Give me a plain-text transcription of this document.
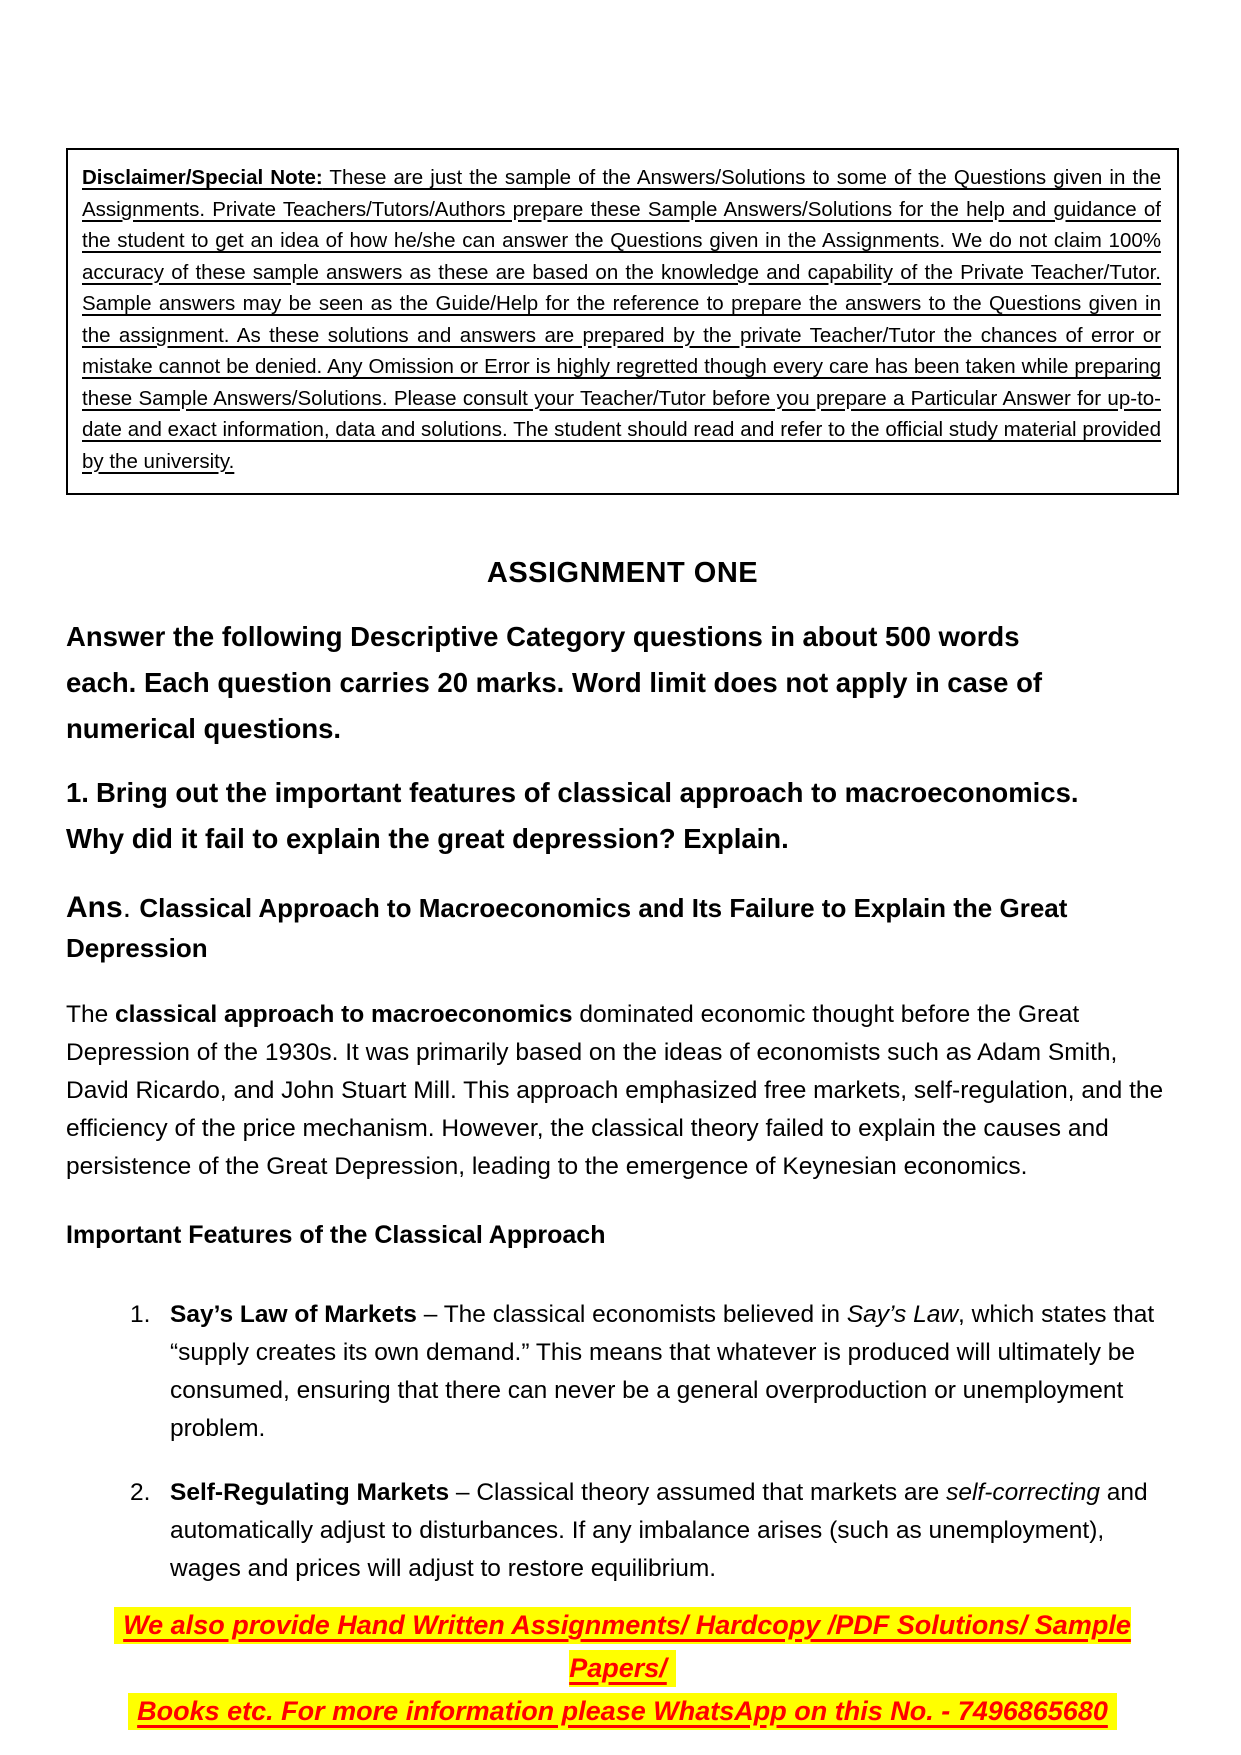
Disclaimer/Special Note: These are just the sample of the Answers/Solutions to some of the Questions given in the Assignments. Private Teachers/Tutors/Authors prepare these Sample Answers/Solutions for the help and guidance of the student to get an idea of how he/she can answer the Questions given in the Assignments. We do not claim 100% accuracy of these sample answers as these are based on the knowledge and capability of the Private Teacher/Tutor. Sample answers may be seen as the Guide/Help for the reference to prepare the answers to the Questions given in the assignment. As these solutions and answers are prepared by the private Teacher/Tutor the chances of error or mistake cannot be denied. Any Omission or Error is highly regretted though every care has been taken while preparing these Sample Answers/Solutions. Please consult your Teacher/Tutor before you prepare a Particular Answer for up-to-date and exact information, data and solutions. The student should read and refer to the official study material provided by the university.
ASSIGNMENT ONE
Answer the following Descriptive Category questions in about 500 words
each. Each question carries 20 marks. Word limit does not apply in case of
numerical questions.
1. Bring out the important features of classical approach to macroeconomics.
Why did it fail to explain the great depression? Explain.

Ans. Classical Approach to Macroeconomics and Its Failure to Explain the Great Depression

The classical approach to macroeconomics dominated economic thought before the Great Depression of the 1930s. It was primarily based on the ideas of economists such as Adam Smith, David Ricardo, and John Stuart Mill. This approach emphasized free markets, self-regulation, and the efficiency of the price mechanism. However, the classical theory failed to explain the causes and persistence of the Great Depression, leading to the emergence of Keynesian economics.

Important Features of the Classical Approach
1. Say’s Law of Markets – The classical economists believed in Say’s Law, which states that “supply creates its own demand.” This means that whatever is produced will ultimately be consumed, ensuring that there can never be a general overproduction or unemployment problem.
2. Self-Regulating Markets – Classical theory assumed that markets are self-correcting and automatically adjust to disturbances. If any imbalance arises (such as unemployment), wages and prices will adjust to restore equilibrium.
We also provide Hand Written Assignments/ Hardcopy /PDF Solutions/ Sample Papers/
Books etc. For more information please WhatsApp on this No. - 7496865680
